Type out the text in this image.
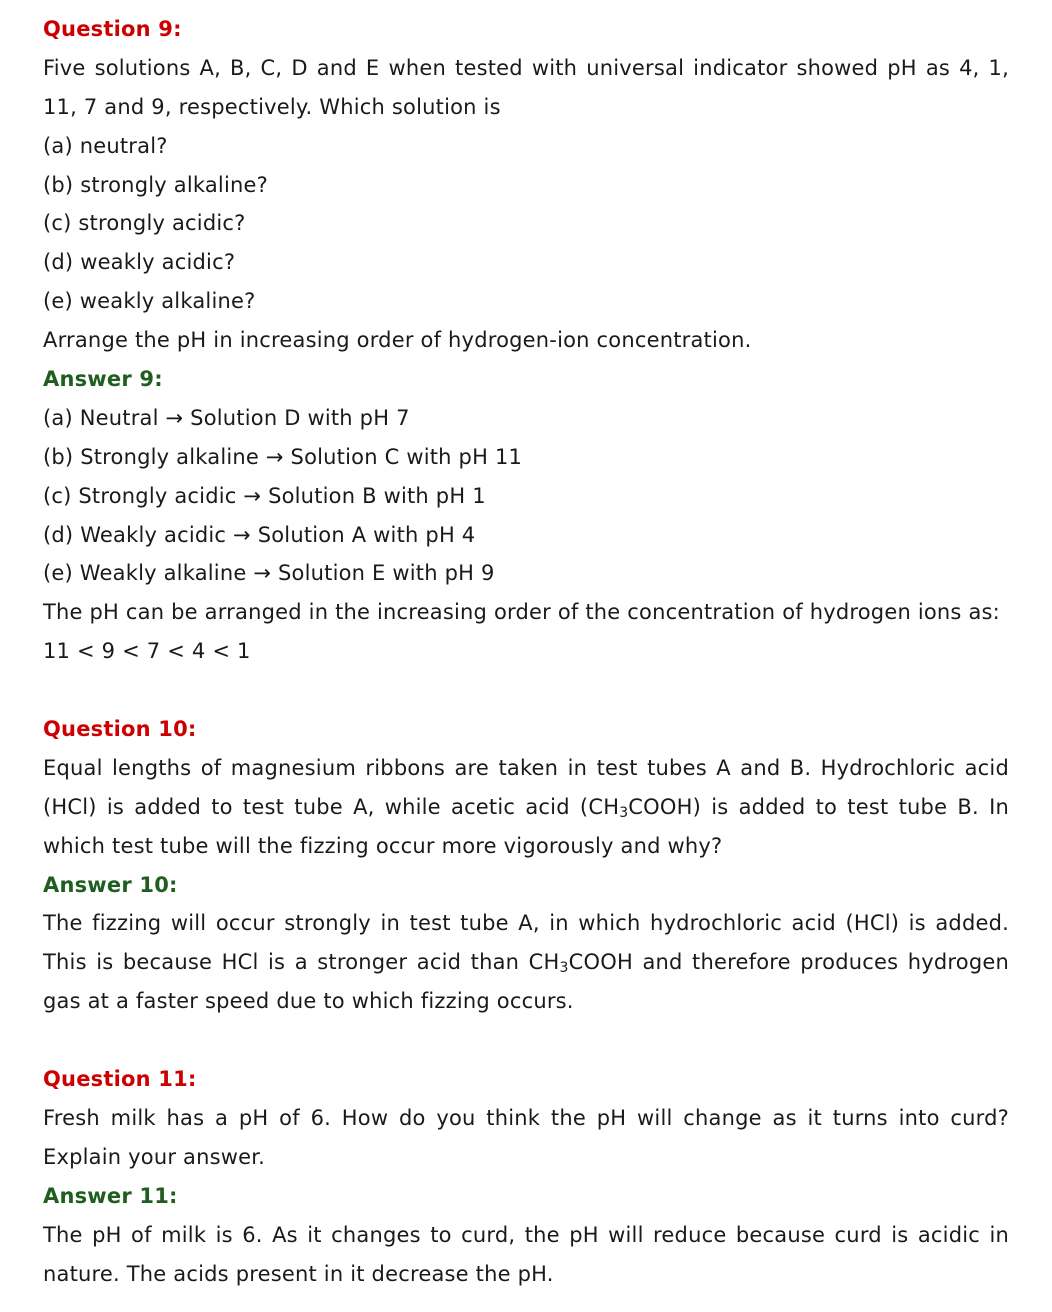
Question 9:
Five solutions A, B, C, D and E when tested with universal indicator showed pH as 4, 1,
11, 7 and 9, respectively. Which solution is
(a) neutral?
(b) strongly alkaline?
(c) strongly acidic?
(d) weakly acidic?
(e) weakly alkaline?
Arrange the pH in increasing order of hydrogen-ion concentration.
Answer 9:
(a) Neutral → Solution D with pH 7
(b) Strongly alkaline → Solution C with pH 11
(c) Strongly acidic → Solution B with pH 1
(d) Weakly acidic → Solution A with pH 4
(e) Weakly alkaline → Solution E with pH 9
The pH can be arranged in the increasing order of the concentration of hydrogen ions as:
11 < 9 < 7 < 4 < 1
Question 10:
Equal lengths of magnesium ribbons are taken in test tubes A and B. Hydrochloric acid
(HCl) is added to test tube A, while acetic acid $(CH_3COOH)$ is added to test tube B. In
which test tube will the fizzing occur more vigorously and why?
Answer 10:
The fizzing will occur strongly in test tube A, in which hydrochloric acid (HCl) is added.
This is because HCl is a stronger acid than $CH_3COOH$ and therefore produces hydrogen
gas at a faster speed due to which fizzing occurs.
Question 11:
Fresh milk has a pH of 6. How do you think the pH will change as it turns into curd?
Explain your answer.
Answer 11:
The pH of milk is 6. As it changes to curd, the pH will reduce because curd is acidic in
nature. The acids present in it decrease the pH.
